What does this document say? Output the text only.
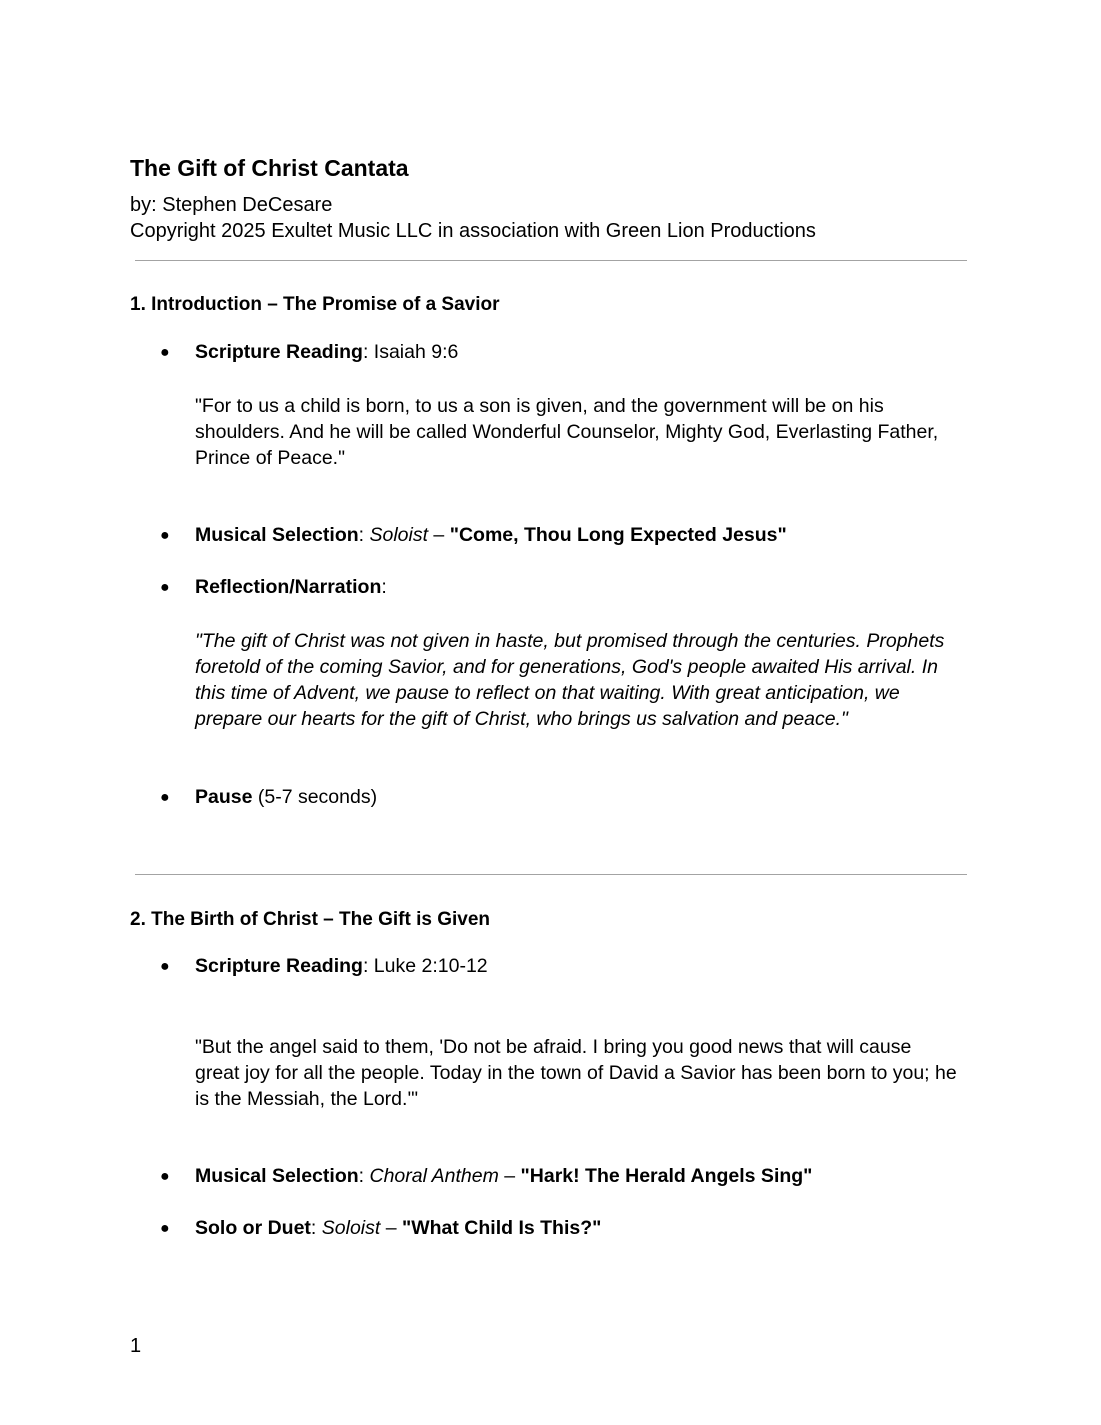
The Gift of Christ Cantata
by: Stephen DeCesare
Copyright 2025 Exultet Music LLC in association with Green Lion Productions
1. Introduction – The Promise of a Savior
● Scripture Reading: Isaiah 9:6
"For to us a child is born, to us a son is given, and the government will be on his
shoulders. And he will be called Wonderful Counselor, Mighty God, Everlasting Father,
Prince of Peace."
● Musical Selection: Soloist – "Come, Thou Long Expected Jesus"
● Reflection/Narration:
"The gift of Christ was not given in haste, but promised through the centuries. Prophets
foretold of the coming Savior, and for generations, God's people awaited His arrival. In
this time of Advent, we pause to reflect on that waiting. With great anticipation, we
prepare our hearts for the gift of Christ, who brings us salvation and peace."
● Pause (5-7 seconds)
2. The Birth of Christ – The Gift is Given
● Scripture Reading: Luke 2:10-12
"But the angel said to them, 'Do not be afraid. I bring you good news that will cause
great joy for all the people. Today in the town of David a Savior has been born to you; he
is the Messiah, the Lord.'"
● Musical Selection: Choral Anthem – "Hark! The Herald Angels Sing"
● Solo or Duet: Soloist – "What Child Is This?"
1
